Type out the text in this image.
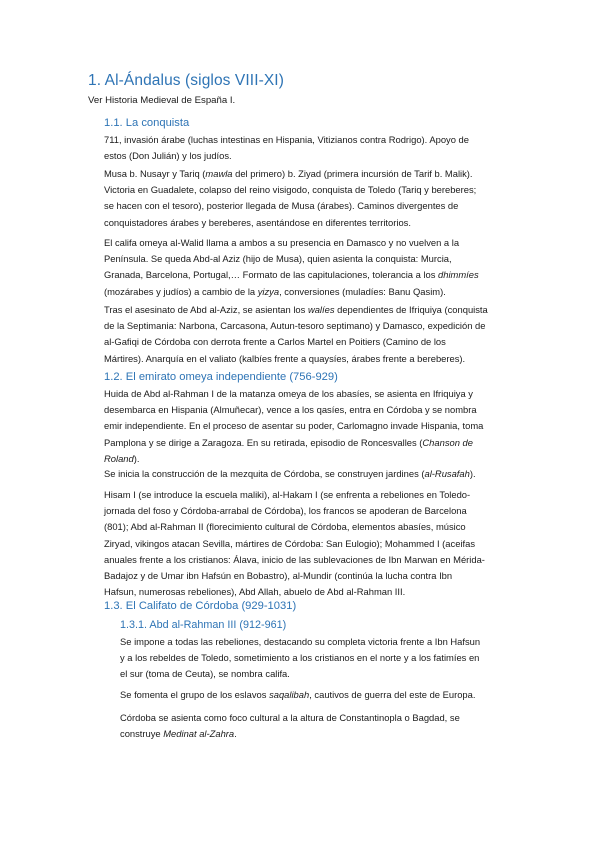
1. Al-Ándalus (siglos VIII-XI)
Ver Historia Medieval de España I.
1.1. La conquista
711, invasión árabe (luchas intestinas en Hispania, Vitizianos contra Rodrigo). Apoyo de
estos (Don Julián) y los judíos.
Musa b. Nusayr y Tariq (mawla del primero) b. Ziyad (primera incursión de Tarif b. Malik).
Victoria en Guadalete, colapso del reino visigodo, conquista de Toledo (Tariq y bereberes;
se hacen con el tesoro), posterior llegada de Musa (árabes). Caminos divergentes de
conquistadores árabes y bereberes, asentándose en diferentes territorios.
El califa omeya al-Walid llama a ambos a su presencia en Damasco y no vuelven a la
Península. Se queda Abd-al Aziz (hijo de Musa), quien asienta la conquista: Murcia,
Granada, Barcelona, Portugal,… Formato de las capitulaciones, tolerancia a los dhimmíes
(mozárabes y judíos) a cambio de la yizya, conversiones (muladíes: Banu Qasim).
Tras el asesinato de Abd al-Aziz, se asientan los walíes dependientes de Ifriquiya (conquista
de la Septimania: Narbona, Carcasona, Autun-tesoro septimano) y Damasco, expedición de
al-Gafiqi de Córdoba con derrota frente a Carlos Martel en Poitiers (Camino de los
Mártires). Anarquía en el valiato (kalbíes frente a quaysíes, árabes frente a bereberes).
1.2. El emirato omeya independiente (756-929)
Huida de Abd al-Rahman I de la matanza omeya de los abasíes, se asienta en Ifriquiya y
desembarca en Hispania (Almuñecar), vence a los qasíes, entra en Córdoba y se nombra
emir independiente. En el proceso de asentar su poder, Carlomagno invade Hispania, toma
Pamplona y se dirige a Zaragoza. En su retirada, episodio de Roncesvalles (Chanson de
Roland).
Se inicia la construcción de la mezquita de Córdoba, se construyen jardines (al-Rusafah).
Hisam I (se introduce la escuela maliki), al-Hakam I (se enfrenta a rebeliones en Toledo-
jornada del foso y Córdoba-arrabal de Córdoba), los francos se apoderan de Barcelona
(801); Abd al-Rahman II (florecimiento cultural de Córdoba, elementos abasíes, músico
Ziryad, vikingos atacan Sevilla, mártires de Córdoba: San Eulogio); Mohammed I (aceifas
anuales frente a los cristianos: Álava, inicio de las sublevaciones de Ibn Marwan en Mérida-
Badajoz y de Umar ibn Hafsún en Bobastro), al-Mundir (continúa la lucha contra Ibn
Hafsun, numerosas rebeliones), Abd Allah, abuelo de Abd al-Rahman III.
1.3. El Califato de Córdoba (929-1031)
1.3.1. Abd al-Rahman III (912-961)
Se impone a todas las rebeliones, destacando su completa victoria frente a Ibn Hafsun
y a los rebeldes de Toledo, sometimiento a los cristianos en el norte y a los fatimíes en
el sur (toma de Ceuta), se nombra califa.
Se fomenta el grupo de los eslavos saqalibah, cautivos de guerra del este de Europa.
Córdoba se asienta como foco cultural a la altura de Constantinopla o Bagdad, se
construye Medinat al-Zahra.
